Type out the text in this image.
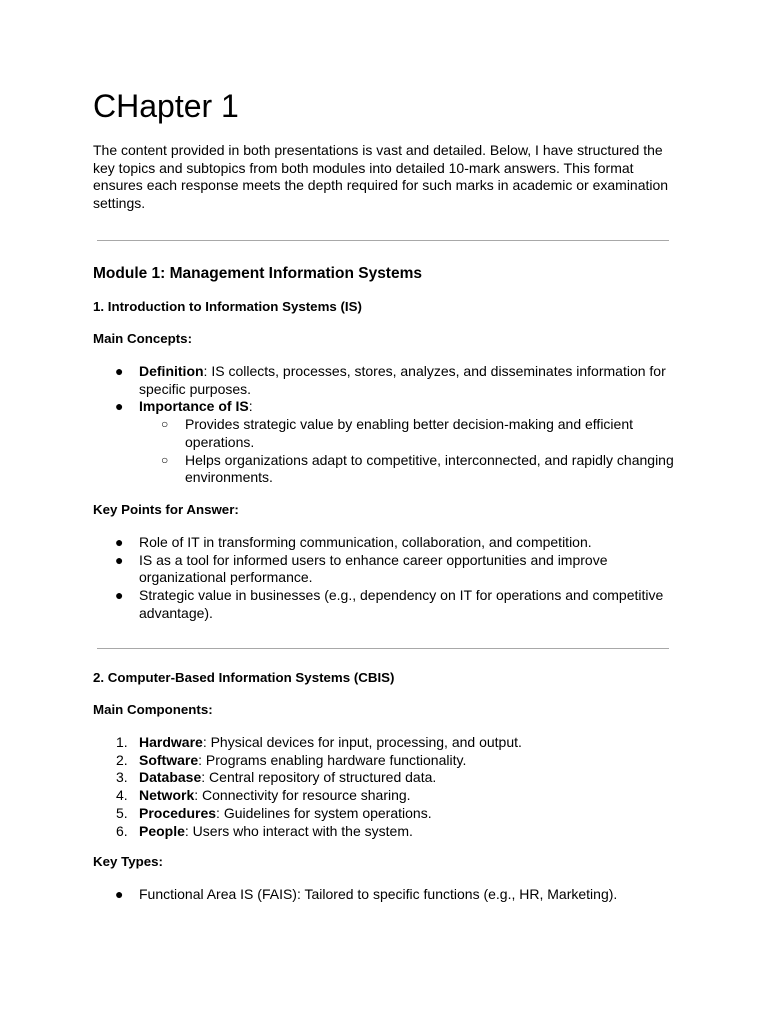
CHapter 1

The content provided in both presentations is vast and detailed. Below, I have structured the key topics and subtopics from both modules into detailed 10-mark answers. This format ensures each response meets the depth required for such marks in academic or examination settings.

Module 1: Management Information Systems
1. Introduction to Information Systems (IS)
Main Concepts:
● Definition: IS collects, processes, stores, analyzes, and disseminates information for specific purposes.
● Importance of IS:
○ Provides strategic value by enabling better decision-making and efficient operations.
○ Helps organizations adapt to competitive, interconnected, and rapidly changing environments.
Key Points for Answer:
● Role of IT in transforming communication, collaboration, and competition.
● IS as a tool for informed users to enhance career opportunities and improve organizational performance.
● Strategic value in businesses (e.g., dependency on IT for operations and competitive advantage).
2. Computer-Based Information Systems (CBIS)
Main Components:
1. Hardware: Physical devices for input, processing, and output.
2. Software: Programs enabling hardware functionality.
3. Database: Central repository of structured data.
4. Network: Connectivity for resource sharing.
5. Procedures: Guidelines for system operations.
6. People: Users who interact with the system.
Key Types:
● Functional Area IS (FAIS): Tailored to specific functions (e.g., HR, Marketing).
